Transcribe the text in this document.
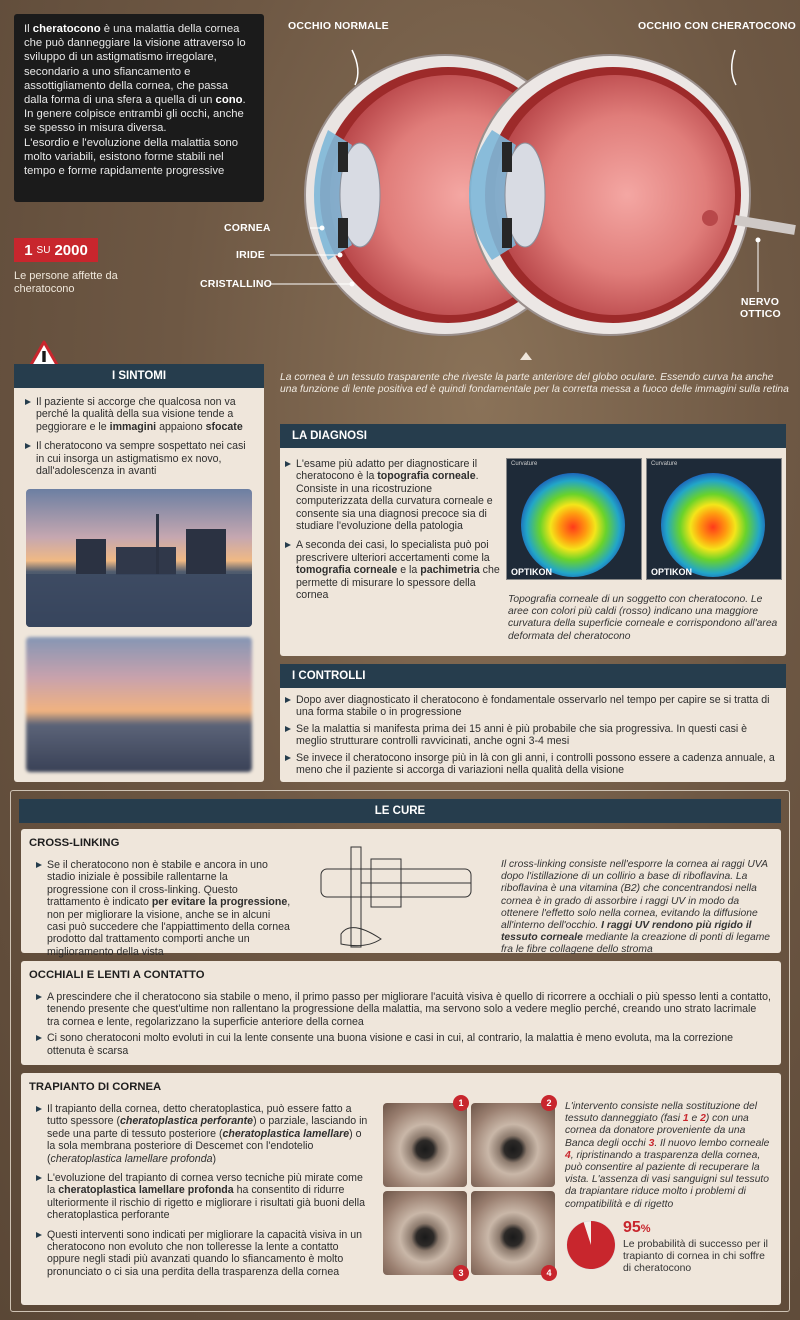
Il cheratocono è una malattia della cornea che può danneggiare la visione attraverso lo sviluppo di un astigmatismo irregolare, secondario a uno sfiancamento e assottigliamento della cornea, che passa dalla forma di una sfera a quella di un cono. In genere colpisce entrambi gli occhi, anche se spesso in misura diversa.
L'esordio e l'evoluzione della malattia sono molto variabili, esistono forme stabili nel tempo e forme rapidamente progressive
1 SU 2000
Le persone affette da cheratocono
OCCHIO NORMALE	OCCHIO CON CHERATOCONO
CORNEA
IRIDE
CRISTALLINO
NERVO
OTTICO
La cornea è un tessuto trasparente che riveste la parte anteriore del globo oculare. Essendo curva ha anche una funzione di lente positiva ed è quindi fondamentale per la corretta messa a fuoco delle immagini sulla retina
I SINTOMI
Il paziente si accorge che qualcosa non va perché la qualità della sua visione tende a peggiorare e le immagini appaiono sfocate
Il cheratocono va sempre sospettato nei casi in cui insorga un astigmatismo ex novo, dall'adolescenza in avanti
LA DIAGNOSI
L'esame più adatto per diagnosticare il cheratocono è la topografia corneale. Consiste in una ricostruzione computerizzata della curvatura corneale e consente sia una diagnosi precoce sia di studiare l'evoluzione della patologia
A seconda dei casi, lo specialista può poi prescrivere ulteriori accertamenti come la tomografia corneale e la pachimetria che permette di misurare lo spessore della cornea
Curvature
OPTIKON
Curvature
OPTIKON
Topografia corneale di un soggetto con cheratocono. Le aree con colori più caldi (rosso) indicano una maggiore curvatura della superficie corneale e corrispondono all'area deformata del cheratocono
I CONTROLLI
Dopo aver diagnosticato il cheratocono è fondamentale osservarlo nel tempo per capire se si tratta di una forma stabile o in progressione
Se la malattia si manifesta prima dei 15 anni è più probabile che sia progressiva. In questi casi è meglio strutturare controlli ravvicinati, anche ogni 3-4 mesi
Se invece il cheratocono insorge più in là con gli anni, i controlli possono essere a cadenza annuale, a meno che il paziente si accorga di variazioni nella qualità della visione
LE CURE
CROSS-LINKING
Se il cheratocono non è stabile e ancora in uno stadio iniziale è possibile rallentarne la progressione con il cross-linking. Questo trattamento è indicato per evitare la progressione, non per migliorare la visione, anche se in alcuni casi può succedere che l'appiattimento della cornea prodotto dal trattamento comporti anche un miglioramento della vista
Il cross-linking consiste nell'esporre la cornea ai raggi UVA dopo l'istillazione di un collirio a base di riboflavina. La riboflavina è una vitamina (B2) che concentrandosi nella cornea è in grado di assorbire i raggi UV in modo da ottenere l'effetto solo nella cornea, evitando la diffusione all'interno dell'occhio. I raggi UV rendono più rigido il tessuto corneale mediante la creazione di ponti di legame fra le fibre collagene dello stroma
OCCHIALI E LENTI A CONTATTO
A prescindere che il cheratocono sia stabile o meno, il primo passo per migliorare l'acuità visiva è quello di ricorrere a occhiali o più spesso lenti a contatto, tenendo presente che quest'ultime non rallentano la progressione della malattia, ma servono solo a vedere meglio perché, creando uno strato lacrimale tra cornea e lente, regolarizzano la superficie anteriore della cornea
Ci sono cheratoconi molto evoluti in cui la lente consente una buona visione e casi in cui, al contrario, la malattia è meno evoluta, ma la correzione ottenuta è scarsa
TRAPIANTO DI CORNEA
Il trapianto della cornea, detto cheratoplastica, può essere fatto a tutto spessore (cheratoplastica perforante) o parziale, lasciando in sede una parte di tessuto posteriore (cheratoplastica lamellare) o la sola membrana posteriore di Descemet con l'endotelio (cheratoplastica lamellare profonda)
L'evoluzione del trapianto di cornea verso tecniche più mirate come la cheratoplastica lamellare profonda ha consentito di ridurre ulteriormente il rischio di rigetto e migliorare i risultati già buoni della cheratoplastica perforante
Questi interventi sono indicati per migliorare la capacità visiva in un cheratocono non evoluto che non tolleresse la lente a contatto oppure negli stadi più avanzati quando lo sfiancamento è molto pronunciato o ci sia una perdita della trasparenza della cornea
1	2
3	4
L'intervento consiste nella sostituzione del tessuto danneggiato (fasi 1 e 2) con una cornea da donatore proveniente da una Banca degli occhi 3. Il nuovo lembo corneale 4, ripristinando a trasparenza della cornea, può consentire al paziente di recuperare la vista. L'assenza di vasi sanguigni sul tessuto da trapiantare riduce molto i problemi di compatibilità e di rigetto
95%
Le probabilità di successo per il trapianto di cornea in chi soffre di cheratocono
